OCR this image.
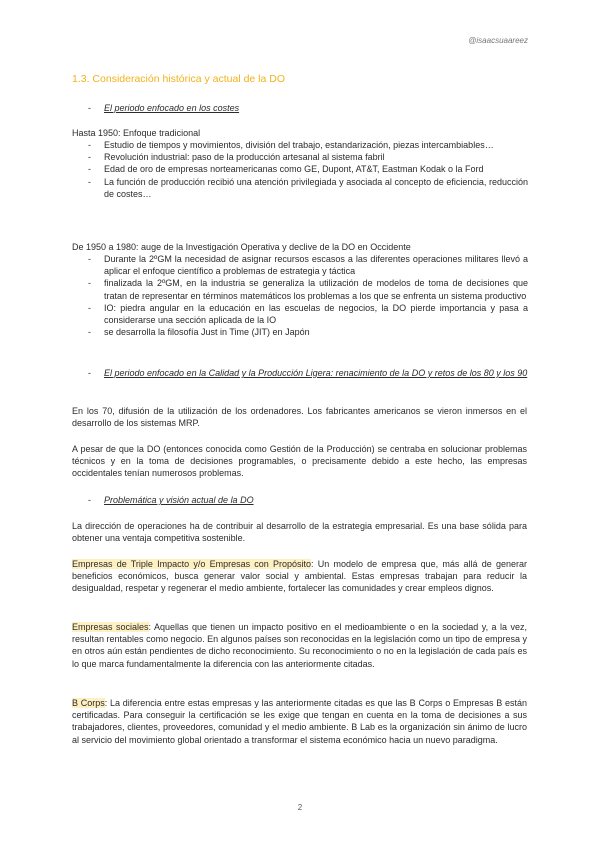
@isaacsuaareez
1.3. Consideración histórica y actual de la DO
- El periodo enfocado en los costes
Hasta 1950: Enfoque tradicional
- Estudio de tiempos y movimientos, división del trabajo, estandarización, piezas intercambiables…
- Revolución industrial: paso de la producción artesanal al sistema fabril
- Edad de oro de empresas norteamericanas como GE, Dupont, AT&T, Eastman Kodak o la Ford
- La función de producción recibió una atención privilegiada y asociada al concepto de eficiencia, reducción de costes…
De 1950 a 1980: auge de la Investigación Operativa y declive de la DO en Occidente
- Durante la 2ºGM la necesidad de asignar recursos escasos a las diferentes operaciones militares llevó a aplicar el enfoque científico a problemas de estrategia y táctica
- finalizada la 2ºGM, en la industria se generaliza la utilización de modelos de toma de decisiones que tratan de representar en términos matemáticos los problemas a los que se enfrenta un sistema productivo
- IO: piedra angular en la educación en las escuelas de negocios, la DO pierde importancia y pasa a considerarse una sección aplicada de la IO
- se desarrolla la filosofía Just in Time (JIT) en Japón
- El periodo enfocado en la Calidad y la Producción Ligera: renacimiento de la DO y retos de los 80 y los 90
En los 70, difusión de la utilización de los ordenadores. Los fabricantes americanos se vieron inmersos en el desarrollo de los sistemas MRP.
A pesar de que la DO (entonces conocida como Gestión de la Producción) se centraba en solucionar problemas técnicos y en la toma de decisiones programables, o precisamente debido a este hecho, las empresas occidentales tenían numerosos problemas.
- Problemática y visión actual de la DO
La dirección de operaciones ha de contribuir al desarrollo de la estrategia empresarial. Es una base sólida para obtener una ventaja competitiva sostenible.
Empresas de Triple Impacto y/o Empresas con Propósito: Un modelo de empresa que, más allá de generar beneficios económicos, busca generar valor social y ambiental. Estas empresas trabajan para reducir la desigualdad, respetar y regenerar el medio ambiente, fortalecer las comunidades y crear empleos dignos.
Empresas sociales: Aquellas que tienen un impacto positivo en el medioambiente o en la sociedad y, a la vez, resultan rentables como negocio. En algunos países son reconocidas en la legislación como un tipo de empresa y en otros aún están pendientes de dicho reconocimiento. Su reconocimiento o no en la legislación de cada país es lo que marca fundamentalmente la diferencia con las anteriormente citadas.
B Corps: La diferencia entre estas empresas y las anteriormente citadas es que las B Corps o Empresas B están certificadas. Para conseguir la certificación se les exige que tengan en cuenta en la toma de decisiones a sus trabajadores, clientes, proveedores, comunidad y el medio ambiente. B Lab es la organización sin ánimo de lucro al servicio del movimiento global orientado a transformar el sistema económico hacia un nuevo paradigma.
2
